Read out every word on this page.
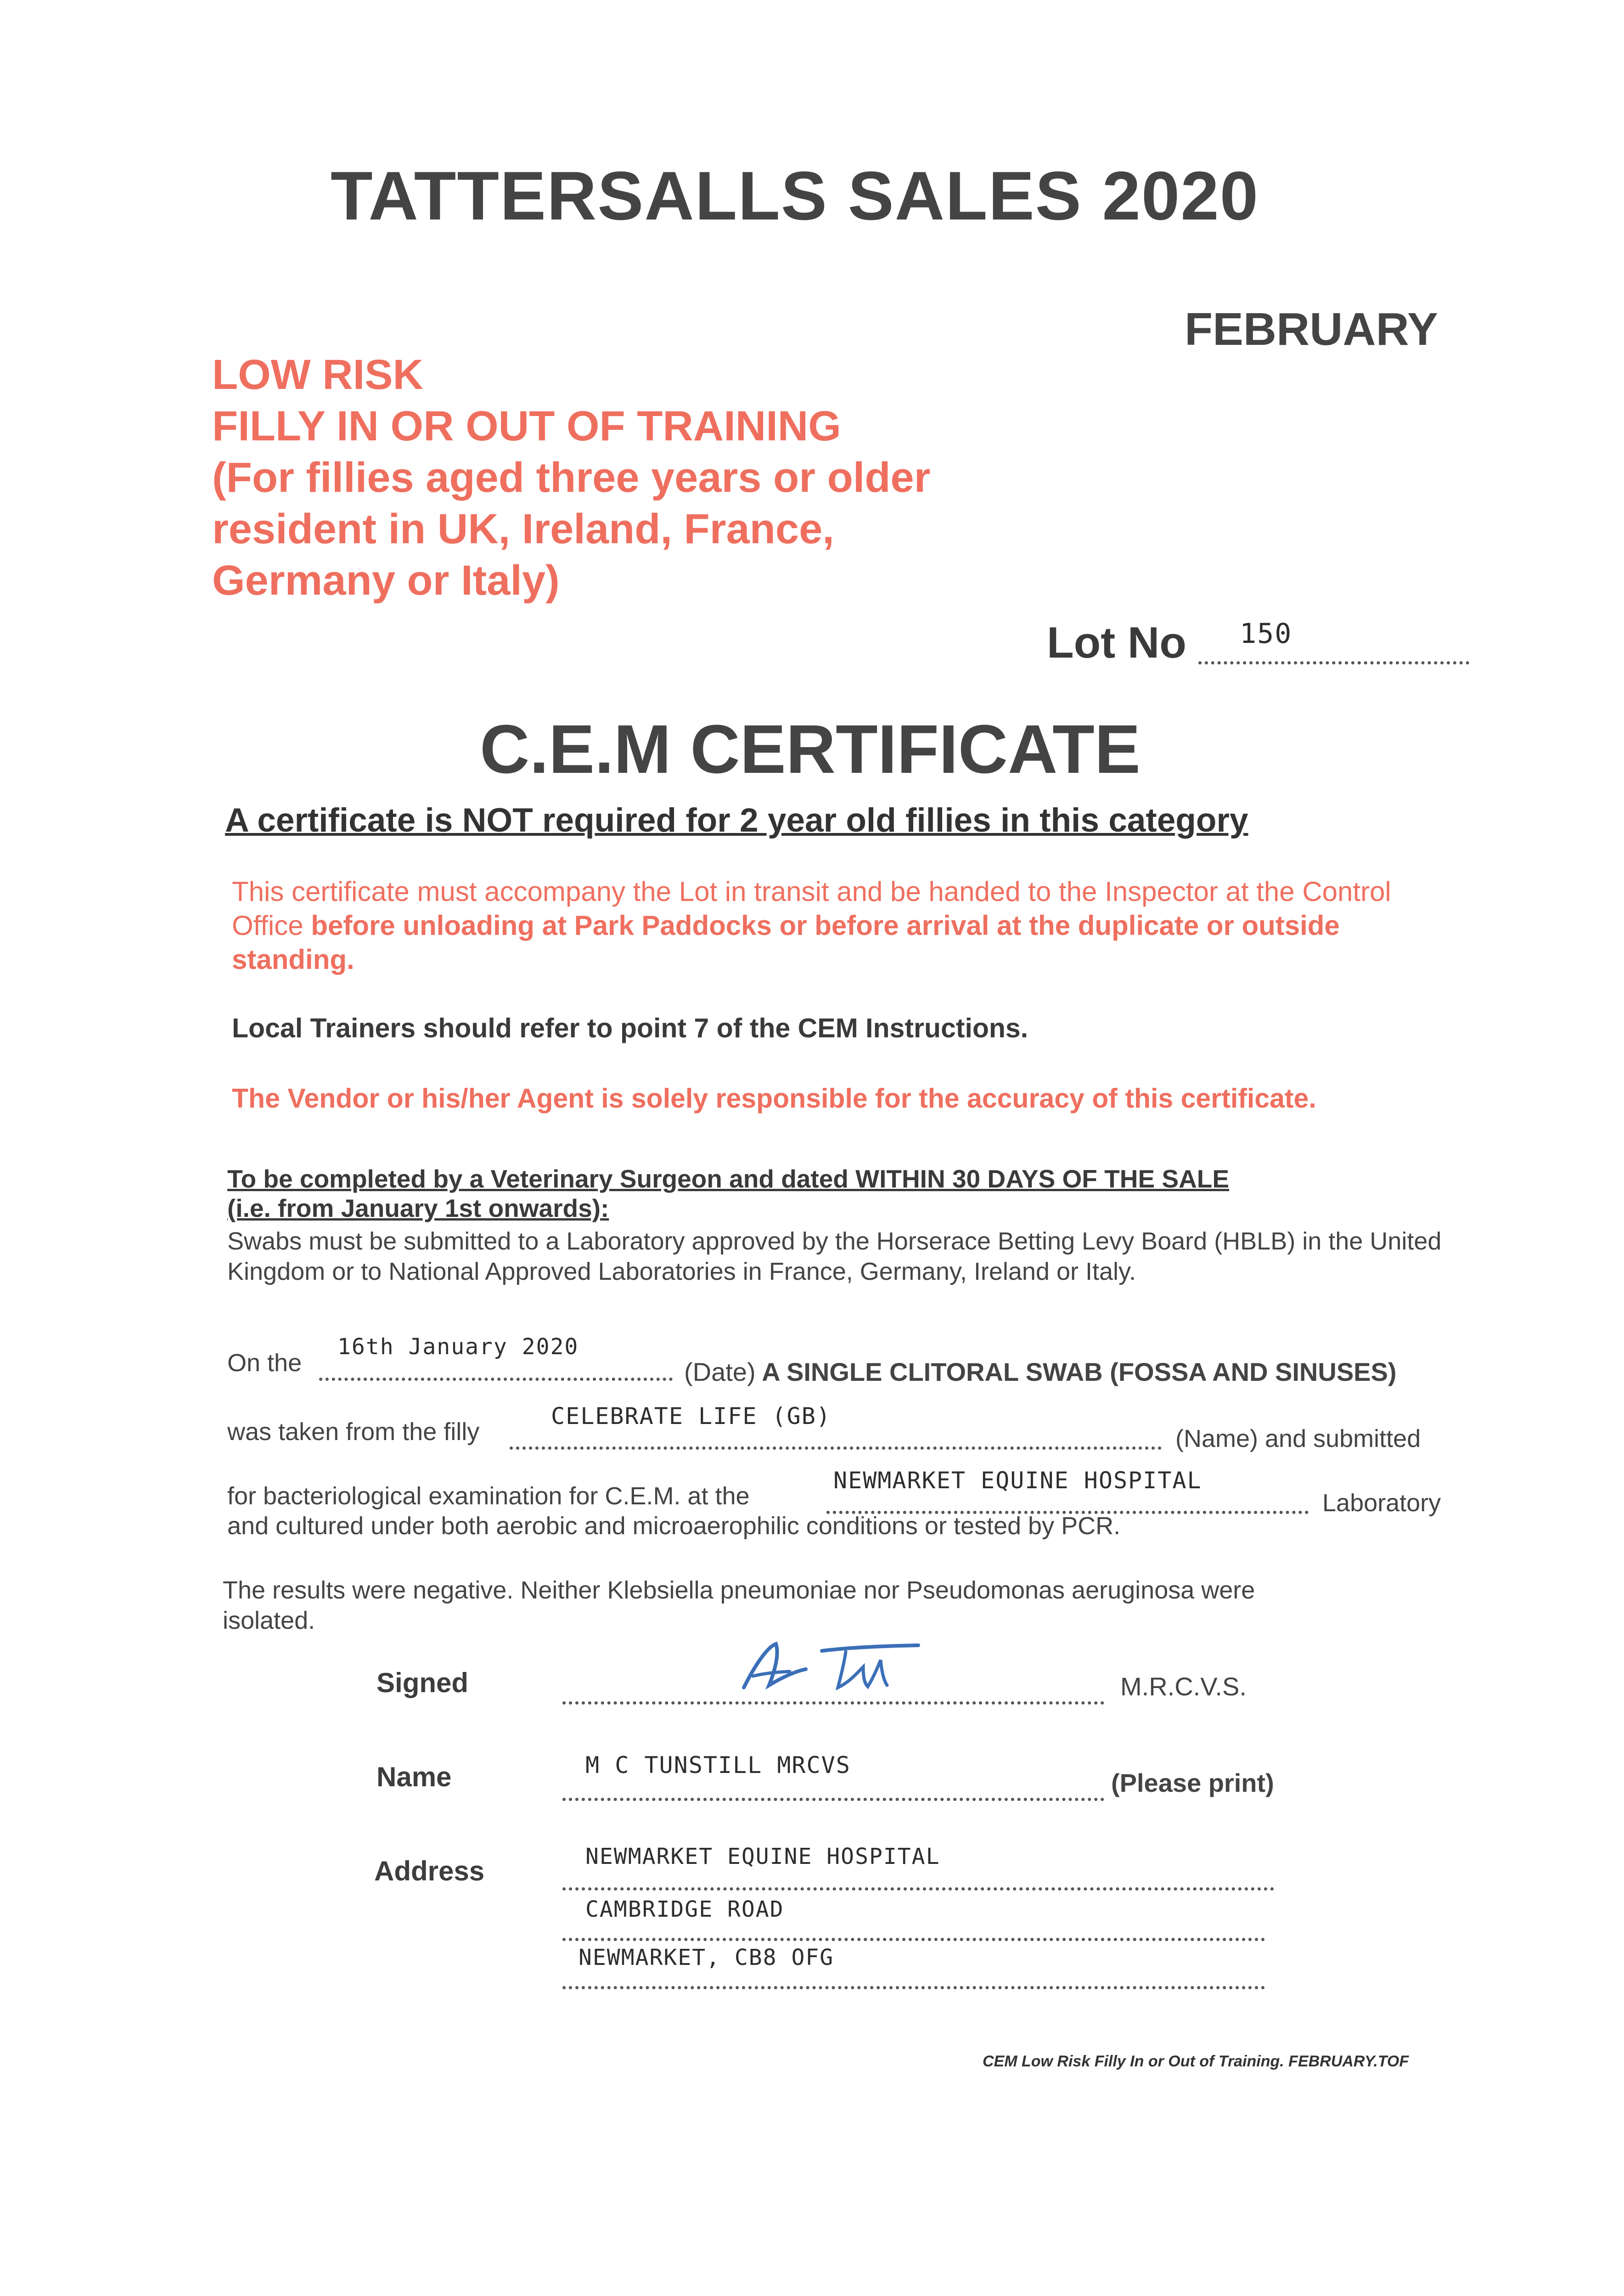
TATTERSALLS SALES 2020
FEBRUARY
LOW RISK
FILLY IN OR OUT OF TRAINING
(For fillies aged three years or older
resident in UK, Ireland, France,
Germany or Italy)
Lot No 150
C.E.M CERTIFICATE
A certificate is NOT required for 2 year old fillies in this category
This certificate must accompany the Lot in transit and be handed to the Inspector at the Control Office before unloading at Park Paddocks or before arrival at the duplicate or outside standing.
Local Trainers should refer to point 7 of the CEM Instructions.
The Vendor or his/her Agent is solely responsible for the accuracy of this certificate.
To be completed by a Veterinary Surgeon and dated WITHIN 30 DAYS OF THE SALE
(i.e. from January 1st onwards):
Swabs must be submitted to a Laboratory approved by the Horserace Betting Levy Board (HBLB) in the United Kingdom or to National Approved Laboratories in France, Germany, Ireland or Italy.
On the
16th January 2020
(Date) A SINGLE CLITORAL SWAB (FOSSA AND SINUSES)
was taken from the filly
CELEBRATE LIFE (GB)
(Name) and submitted
for bacteriological examination for C.E.M. at the
NEWMARKET EQUINE HOSPITAL
Laboratory
and cultured under both aerobic and microaerophilic conditions or tested by PCR.
The results were negative. Neither Klebsiella pneumoniae nor Pseudomonas aeruginosa were isolated.
Signed	M.R.C.V.S.
Name	M C TUNSTILL MRCVS
(Please print)
Address	NEWMARKET EQUINE HOSPITAL
CAMBRIDGE ROAD
NEWMARKET, CB8 OFG
CEM Low Risk Filly In or Out of Training. FEBRUARY.TOF
